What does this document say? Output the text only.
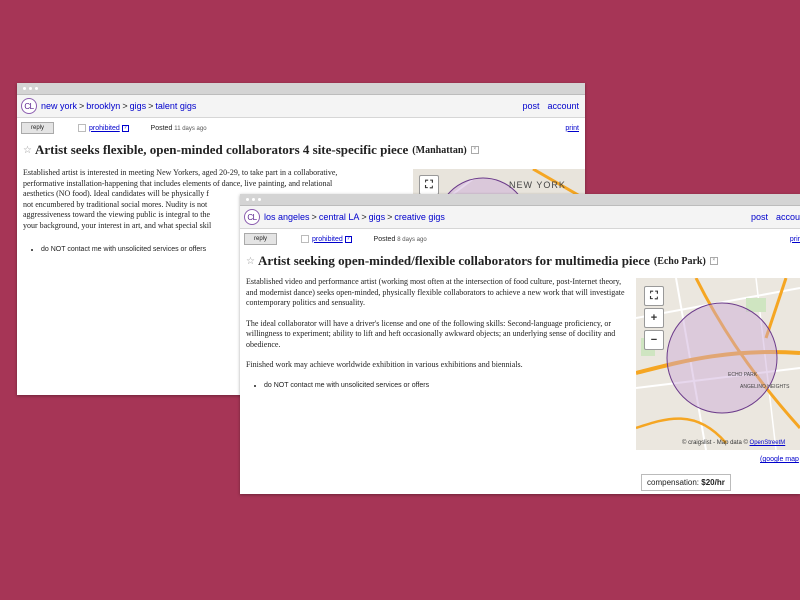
CL new york > brooklyn > gigs > talent gigs	post account
reply	prohibited ?	Posted 11 days ago	print
☆ Artist seeks flexible, open-minded collaborators 4 site-specific piece (Manhattan)	×
Established artist is interested in meeting New Yorkers, aged 20-29, to take part in a collaborative,
performative installation-happening that includes elements of dance, live painting, and relational
aesthetics (NO food). Ideal candidates will be physically f
not encumbered by traditional social mores. Nudity is not
aggressiveness toward the viewing public is integral to the
your background, your interest in art, and what special skil
• do NOT contact me with unsolicited services or offers
⛶	NEW YORK
CL los angeles > central LA > gigs > creative gigs	post accou
reply	prohibited ?	Posted 8 days ago	prir
☆ Artist seeking open-minded/flexible collaborators for multimedia piece (Echo Park)	×

Established video and performance artist (working most often at the intersection of food culture, post-Internet theory, and modernist dance) seeks open-minded, physically flexible collaborators to achieve a new work that will investigate contemporary politics and sensuality.

The ideal collaborator will have a driver's license and one of the following skills: Second-language proficiency, or willingness to experiment; ability to lift and heft occasionally awkward objects; an underlying sense of docility and obedience.

Finished work may achieve worldwide exhibition in various exhibitions and biennials.

• do NOT contact me with unsolicited services or offers
⛶
+
−
ECHO PARK
ANGELINO HEIGHTS
© craigslist - Map data © OpenStreetM
(google map
compensation: $20/hr
